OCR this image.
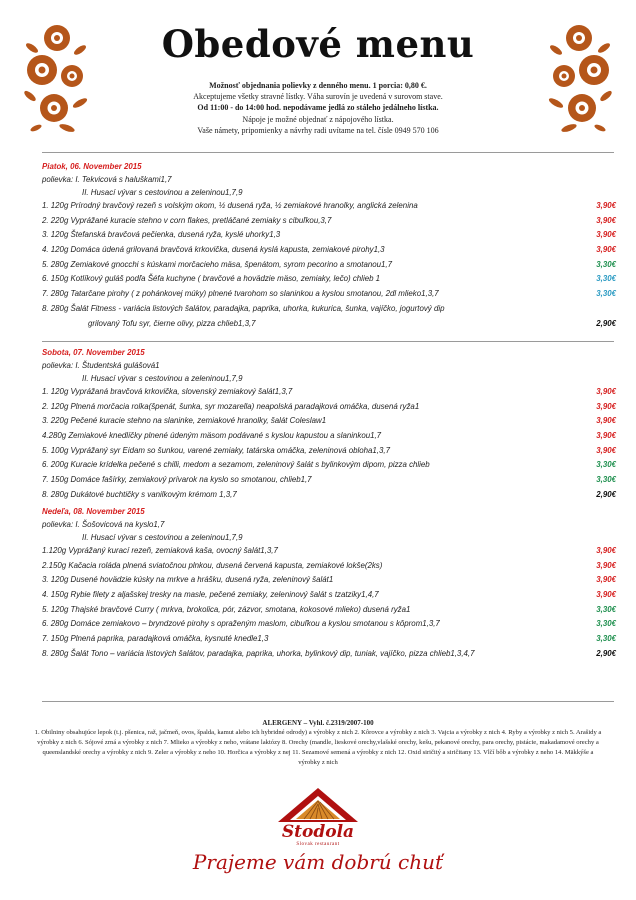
Obedové menu
Možnosť objednania polievky z denného menu. 1 porcia: 0,80 €.
Akceptujeme všetky stravné lístky. Váha surovín je uvedená v surovom stave.
Od 11:00 - do 14:00 hod. nepodávame jedlá zo stáleho jedálneho lístka.
Nápoje je možné objednať z nápojového lístka.
Vaše námety, pripomienky a návrhy radi uvítame na tel. čísle 0949 570 106
Piatok, 06. November 2015
polievka: I. Tekvicová s haluškami1,7
II. Husací vývar s cestovinou a zeleninou1,7,9
1. 120g Prírodný bravčový rezeň s volským okom, ½ dusená ryža, ½ zemiakové hranolky, anglická zelenina	3,90€
2. 220g Vyprážané kuracie stehno v corn flakes, pretláčané zemiaky s cibuľkou,3,7	3,90€
3. 120g Štefanská bravčová pečienka, dusená ryža, kyslé uhorky1,3	3,90€
4. 120g Domáca údená grilovaná bravčová krkovička, dusená kyslá kapusta, zemiakové pirohy1,3	3,90€
5. 280g Zemiakové gnocchi s kúskami morčacieho mäsa, špenátom, syrom pecorino a smotanou1,7	3,30€
6. 150g Kotlíkový guláš podľa Šéfa kuchyne ( bravčové a hovädzie mäso, zemiaky, lečo) chlieb 1	3,30€
7. 280g Tatarčane pirohy ( z pohánkovej múky) plnené tvarohom so slaninkou a kyslou smotanou, 2dl mlieko1,3,7	3,30€
8. 280g Šalát Fitness - variácia listových šalátov, paradajka, paprika, uhorka, kukurica, šunka, vajíčko, jogurtový dip
grilovaný Tofu syr, čierne olivy, pizza chlieb1,3,7	2,90€
Sobota, 07. November 2015
polievka: I. Študentská gulášová1
II. Husací vývar s cestovinou a zeleninou1,7,9
1. 120g Vyprážaná bravčová krkovička, slovenský zemiakový šalát1,3,7	3,90€
2. 120g Plnená morčacia rolka(špenát, šunka, syr mozarella) neapolská paradajková omáčka, dusená ryža1	3,90€
3. 220g Pečené kuracie stehno na slaninke, zemiakové hranolky, šalát Coleslaw1	3,90€
4.280g Zemiakové knedlíčky plnené údeným mäsom podávané s kyslou kapustou a slaninkou1,7	3,90€
5. 100g Vyprážaný syr Eidam so šunkou, varené zemiaky, tatárska omáčka, zeleninová obloha1,3,7	3,90€
6. 200g Kuracie krídelka pečené s chilli, medom a sezamom, zeleninový šalát s bylinkovým dipom, pizza chlieb	3,30€
7. 150g Domáce fašírky, zemiakový prívarok na kyslo so smotanou, chlieb1,7	3,30€
8. 280g Dukátové buchtičky s vanilkovým krémom 1,3,7	2,90€
Nedeľa, 08. November 2015
polievka: I. Šošovicová na kyslo1,7
II. Husací vývar s cestovinou a zeleninou1,7,9
1.120g Vyprážaný kurací rezeň, zemiaková kaša, ovocný šalát1,3,7	3,90€
2.150g Kačacia roláda plnená sviatočnou plnkou, dusená červená kapusta, zemiakové lokše(2ks)	3,90€
3. 120g Dusené hovädzie kúsky na mrkve a hrášku, dusená ryža, zeleninový šalát1	3,90€
4. 150g Rybie filety z aljašskej tresky na masle, pečené zemiaky, zeleninový šalát s tzatziky1,4,7	3,90€
5. 120g Thajské bravčové Curry ( mrkva, brokolica, pór, zázvor, smotana, kokosové mlieko) dusená ryža1	3,30€
6. 280g Domáce zemiakovo – bryndzové pirohy s opraženým maslom, cibuľkou a kyslou smotanou s kôprom1,3,7	3,30€
7. 150g Plnená paprika, paradajková omáčka, kysnuté knedle1,3	3,30€
8. 280g Šalát Tono – variácia listových šalátov, paradajka, paprika, uhorka, bylinkový dip, tuniak, vajíčko, pizza chlieb1,3,4,7	2,90€
ALERGENY – Vyhl. č.2319/2007-100
1. Obilniny obsahujúce lepok (t.j. pšenica, raž, jačmeň, ovos, špalda, kamut alebo ich hybridné odrody) a výrobky z nich 2. Kôrovce a výrobky z nich 3. Vajcia a výrobky z nich 4. Ryby a výrobky z nich 5. Arašidy a výrobky z nich 6. Sójové zrná a výrobky z nich 7. Mlieko a výrobky z neho, vrátane laktózy 8. Orechy (mandle, lieskové orechy,vlašské orechy, kešu, pekanové orechy, para orechy, pistácie, makadamové orechy a queenslandské orechy a výrobky z nich 9. Zeler a výrobky z neho 10. Horčica a výrobky z nej 11. Sezamové semená a výrobky z nich 12. Oxid siričitý a siričitany 13. Vlčí bôb a výrobky z neho 14. Mäkkýše a výrobky z nich
Stodola
Slovak restaurant
Prajeme vám dobrú chuť
